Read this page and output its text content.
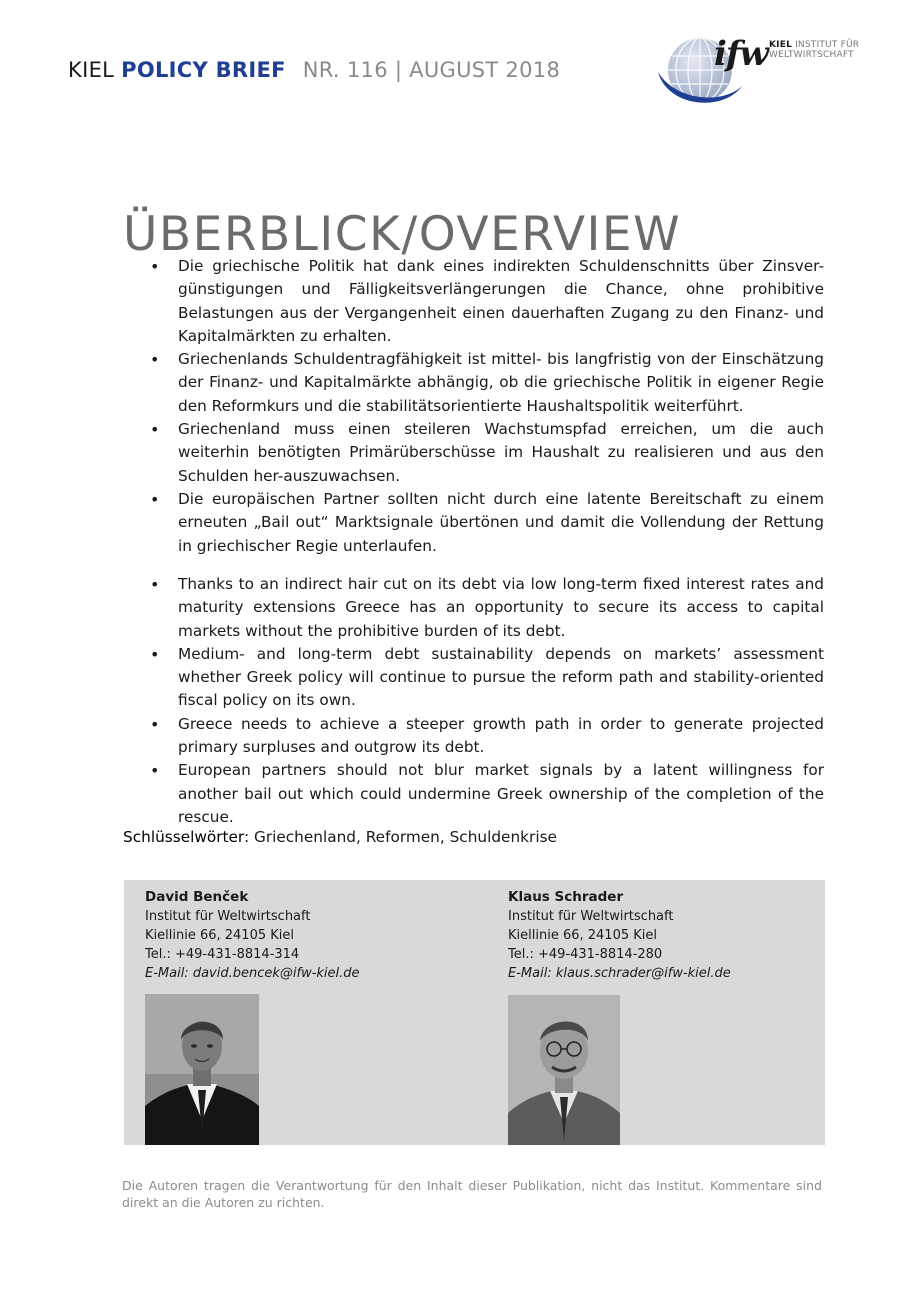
KIEL POLICY BRIEF NR. 116 | AUGUST 2018	ifw KIEL INSTITUT FÜR
WELTWIRTSCHAFT
ÜBERBLICK/OVERVIEW
• Die griechische Politik hat dank eines indirekten Schuldenschnitts über Zinsver-günstigungen und Fälligkeitsverlängerungen die Chance, ohne prohibitive Belastungen aus der Vergangenheit einen dauerhaften Zugang zu den Finanz- und Kapitalmärkten zu erhalten.
• Griechenlands Schuldentragfähigkeit ist mittel- bis langfristig von der Einschätzung der Finanz- und Kapitalmärkte abhängig, ob die griechische Politik in eigener Regie den Reformkurs und die stabilitätsorientierte Haushaltspolitik weiterführt.
• Griechenland muss einen steileren Wachstumspfad erreichen, um die auch weiterhin benötigten Primärüberschüsse im Haushalt zu realisieren und aus den Schulden her-auszuwachsen.
• Die europäischen Partner sollten nicht durch eine latente Bereitschaft zu einem erneuten „Bail out“ Marktsignale übertönen und damit die Vollendung der Rettung in griechischer Regie unterlaufen.
• Thanks to an indirect hair cut on its debt via low long-term fixed interest rates and maturity extensions Greece has an opportunity to secure its access to capital markets without the prohibitive burden of its debt.
• Medium- and long-term debt sustainability depends on markets’ assessment whether Greek policy will continue to pursue the reform path and stability-oriented fiscal policy on its own.
• Greece needs to achieve a steeper growth path in order to generate projected primary surpluses and outgrow its debt.
• European partners should not blur market signals by a latent willingness for another bail out which could undermine Greek ownership of the completion of the rescue.
Schlüsselwörter: Griechenland, Reformen, Schuldenkrise
David Benček
Institut für Weltwirtschaft
Kiellinie 66, 24105 Kiel
Tel.: +49-431-8814-314
E-Mail: david.bencek@ifw-kiel.de
Klaus Schrader
Institut für Weltwirtschaft
Kiellinie 66, 24105 Kiel
Tel.: +49-431-8814-280
E-Mail: klaus.schrader@ifw-kiel.de
Die Autoren tragen die Verantwortung für den Inhalt dieser Publikation, nicht das Institut. Kommentare sind direkt an die Autoren zu richten.
